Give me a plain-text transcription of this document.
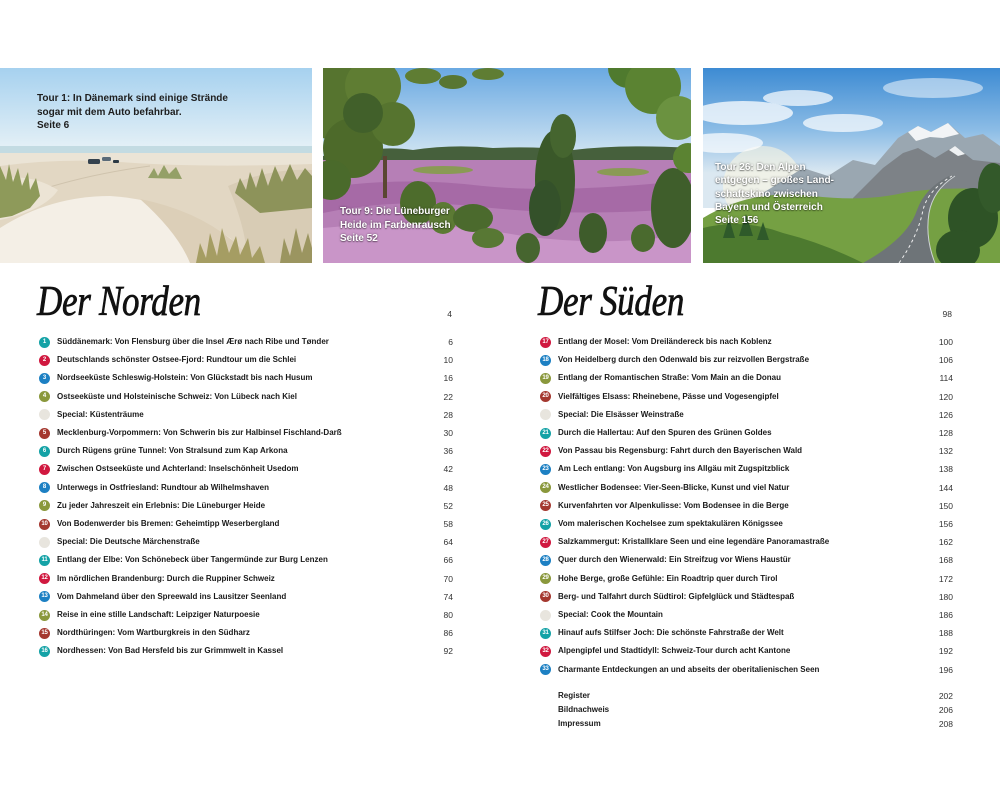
Tour 1: In Dänemark sind einige Strände
sogar mit dem Auto befahrbar.
Seite 6
Tour 9: Die Lüneburger
Heide im Farbenrausch
Seite 52
Tour 26: Den Alpen
entgegen – großes Land-
schaftskino zwischen
Bayern und Österreich
Seite 156
Der Norden	4 Der Süden	98
1	Süddänemark: Von Flensburg über die Insel Ærø nach Ribe und Tønder	6
2	Deutschlands schönster Ostsee-Fjord: Rundtour um die Schlei	10
3	Nordseeküste Schleswig-Holstein: Von Glückstadt bis nach Husum	16
4	Ostseeküste und Holsteinische Schweiz: Von Lübeck nach Kiel	22
Special: Küstenträume	28
5	Mecklenburg-Vorpommern: Von Schwerin bis zur Halbinsel Fischland-Darß	30
6	Durch Rügens grüne Tunnel: Von Stralsund zum Kap Arkona	36
7	Zwischen Ostseeküste und Achterland: Inselschönheit Usedom	42
8	Unterwegs in Ostfriesland: Rundtour ab Wilhelmshaven	48
9	Zu jeder Jahreszeit ein Erlebnis: Die Lüneburger Heide	52
10 Von Bodenwerder bis Bremen: Geheimtipp Weserbergland	58
Special: Die Deutsche Märchenstraße	64
11	Entlang der Elbe: Von Schönebeck über Tangermünde zur Burg Lenzen	66
12 Im nördlichen Brandenburg: Durch die Ruppiner Schweiz	70
13 Vom Dahmeland über den Spreewald ins Lausitzer Seenland	74
14 Reise in eine stille Landschaft: Leipziger Naturpoesie	80
15 Nordthüringen: Vom Wartburgkreis in den Südharz	86
16 Nordhessen: Von Bad Hersfeld bis zur Grimmwelt in Kassel	92
17 Entlang der Mosel: Vom Dreiländereck bis nach Koblenz	100
18 Von Heidelberg durch den Odenwald bis zur reizvollen Bergstraße	106
19 Entlang der Romantischen Straße: Vom Main an die Donau	114
20 Vielfältiges Elsass: Rheinebene, Pässe und Vogesengipfel	120
Special: Die Elsässer Weinstraße	126
21 Durch die Hallertau: Auf den Spuren des Grünen Goldes	128
22 Von Passau bis Regensburg: Fahrt durch den Bayerischen Wald	132
23 Am Lech entlang: Von Augsburg ins Allgäu mit Zugspitzblick	138
24 Westlicher Bodensee: Vier-Seen-Blicke, Kunst und viel Natur	144
25 Kurvenfahrten vor Alpenkulisse: Vom Bodensee in die Berge	150
26 Vom malerischen Kochelsee zum spektakulären Königssee	156
27 Salzkammergut: Kristallklare Seen und eine legendäre Panoramastraße	162
28 Quer durch den Wienerwald: Ein Streifzug vor Wiens Haustür	168
29 Hohe Berge, große Gefühle: Ein Roadtrip quer durch Tirol	172
30 Berg- und Talfahrt durch Südtirol: Gipfelglück und Städtespaß	180
Special: Cook the Mountain	186
31 Hinauf aufs Stilfser Joch: Die schönste Fahrstraße der Welt	188
32 Alpengipfel und Stadtidyll: Schweiz-Tour durch acht Kantone	192
33 Charmante Entdeckungen an und abseits der oberitalienischen Seen	196
Register	202
Bildnachweis	206
Impressum	208
